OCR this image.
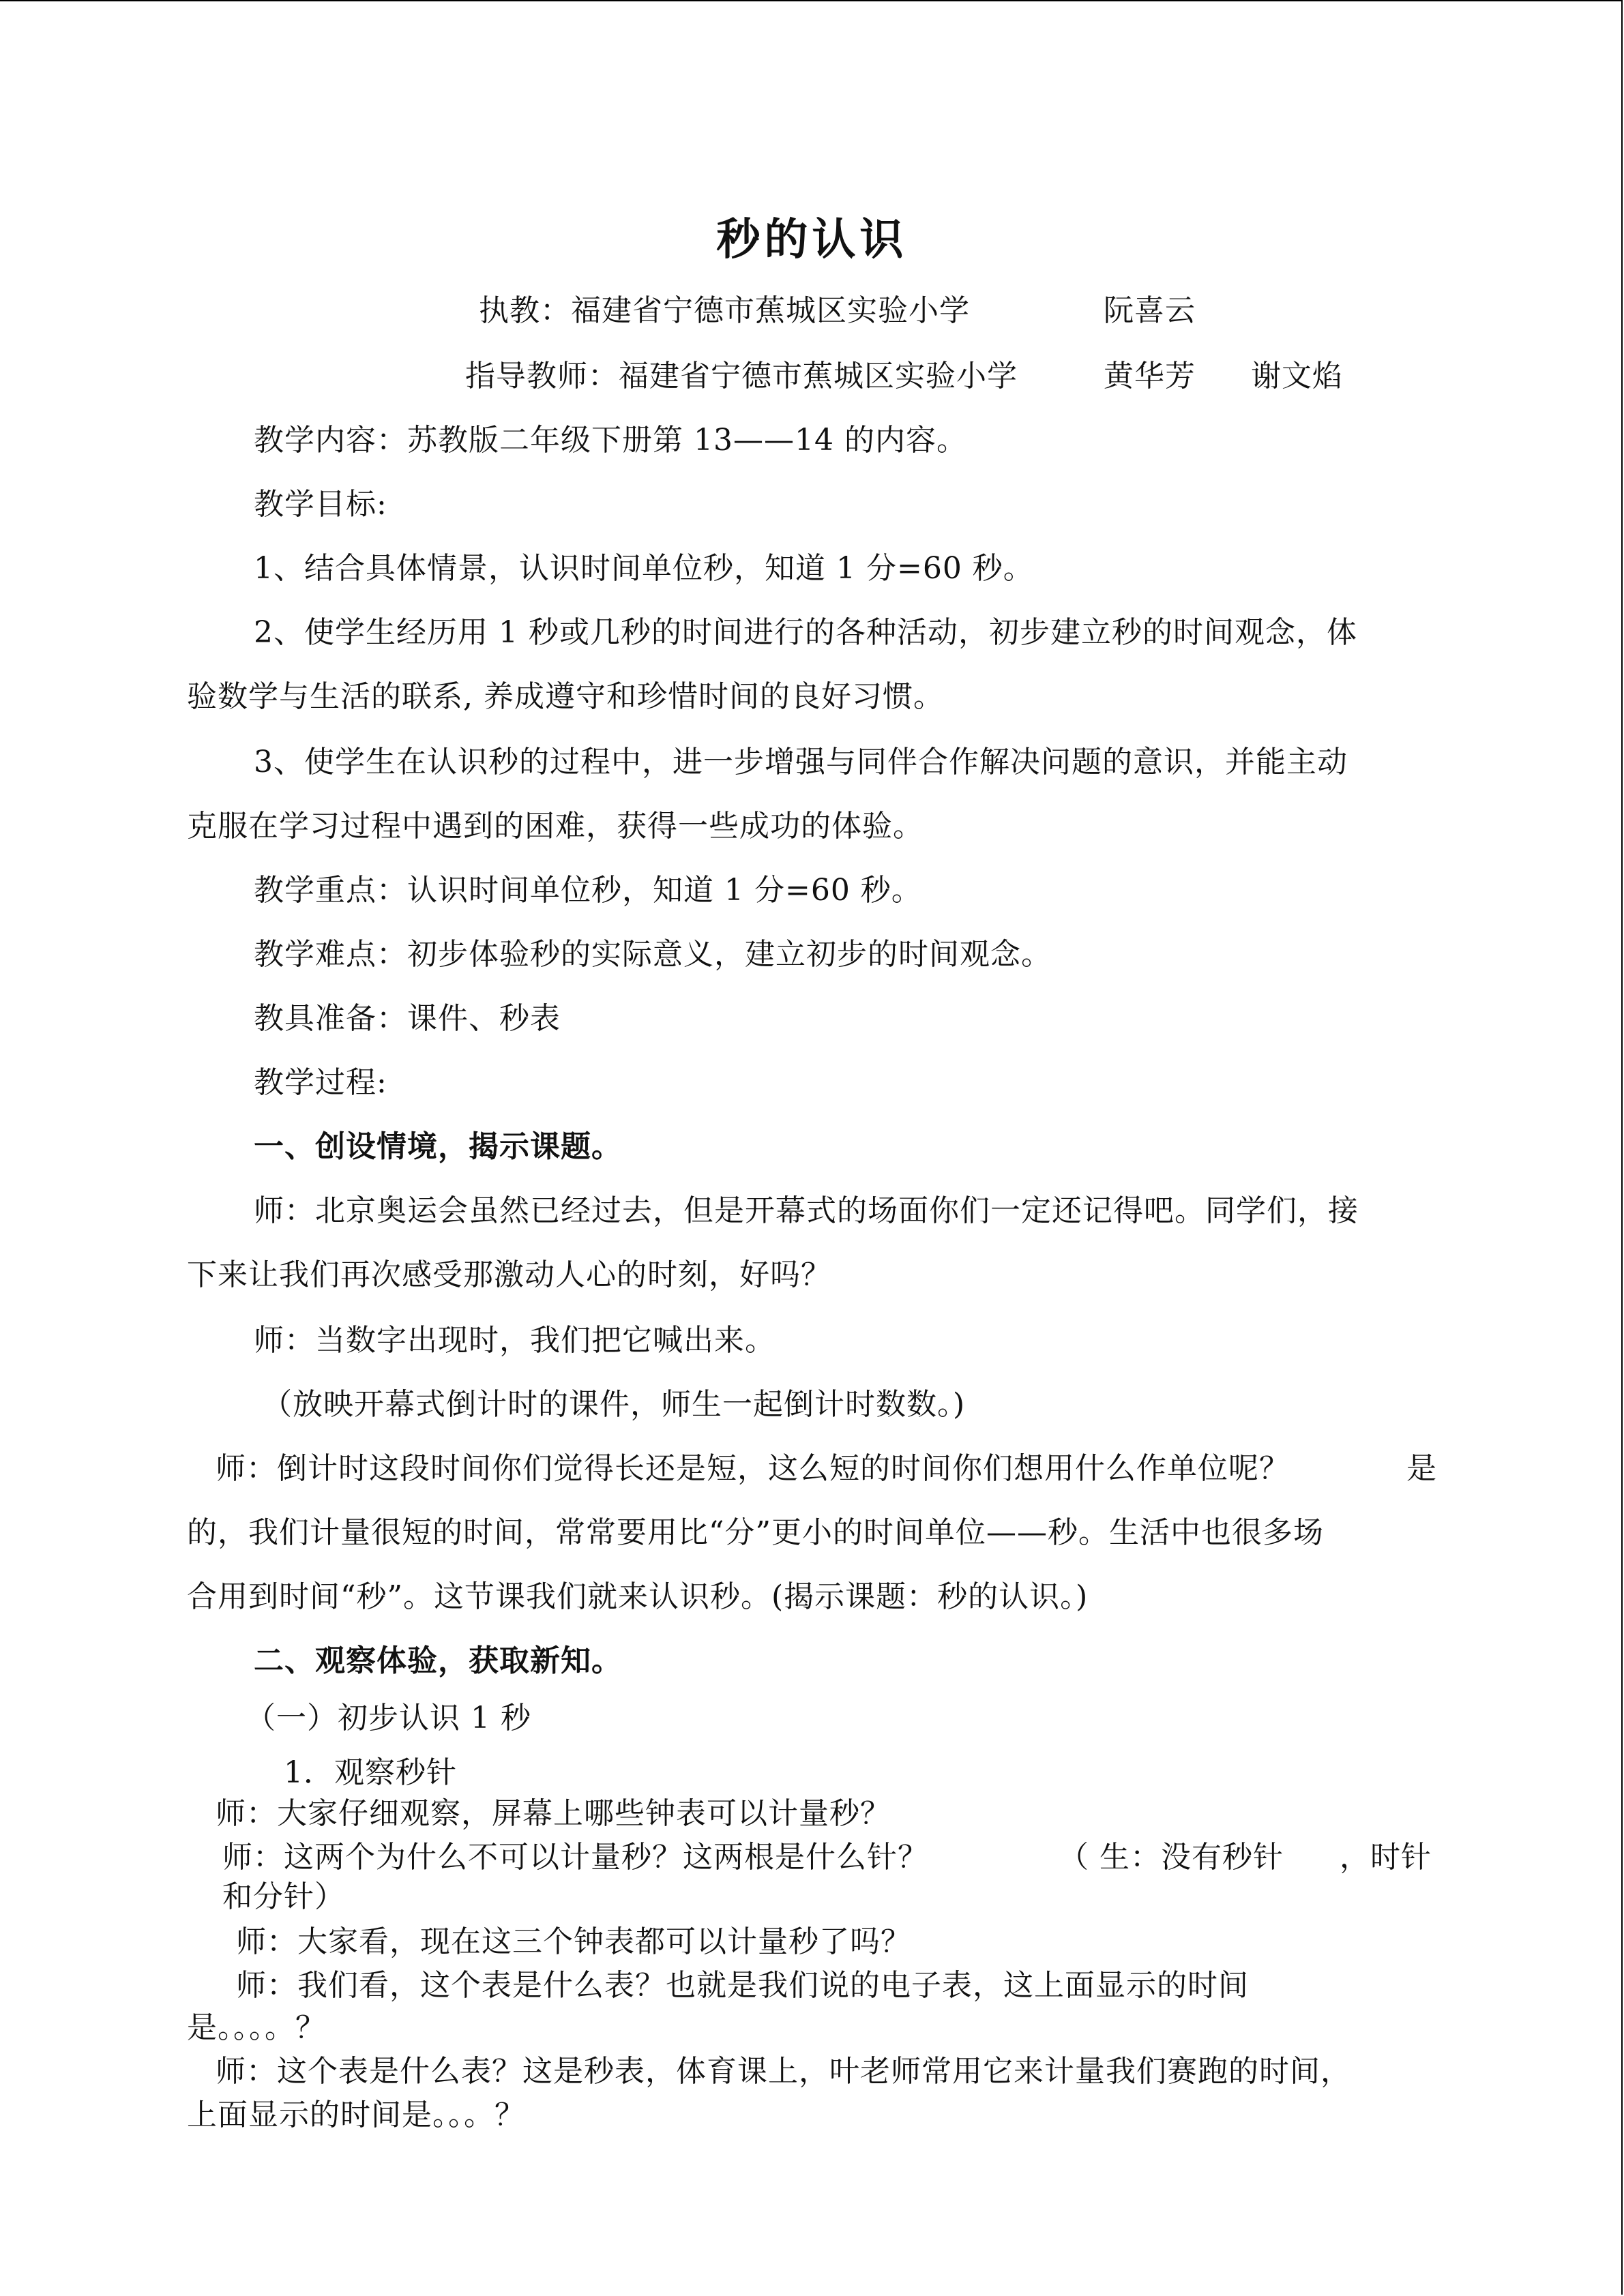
秒的认识
执教：福建省宁德市蕉城区实验小学	阮喜云
指导教师：福建省宁德市蕉城区实验小学	黄华芳 谢文焰
教学内容：苏教版二年级下册第 13——14 的内容。
教学目标:
1、结合具体情景，认识时间单位秒，知道 1 分=60 秒。
2、使学生经历用 1 秒或几秒的时间进行的各种活动，初步建立秒的时间观念，体
验数学与生活的联系, 养成遵守和珍惜时间的良好习惯。
3、使学生在认识秒的过程中，进一步增强与同伴合作解决问题的意识，并能主动
克服在学习过程中遇到的困难，获得一些成功的体验。
教学重点：认识时间单位秒，知道 1 分=60 秒。
教学难点：初步体验秒的实际意义，建立初步的时间观念。
教具准备：课件、秒表
教学过程:
一、创设情境，揭示课题。
师：北京奥运会虽然已经过去，但是开幕式的场面你们一定还记得吧。同学们，接
下来让我们再次感受那激动人心的时刻，好吗？
师：当数字出现时，我们把它喊出来。
（放映开幕式倒计时的课件，师生一起倒计时数数。)
师：倒计时这段时间你们觉得长还是短，这么短的时间你们想用什么作单位呢？	是
的，我们计量很短的时间，常常要用比“分”更小的时间单位——秒。生活中也很多场
合用到时间“秒”。这节课我们就来认识秒。(揭示课题：秒的认识。)
二、观察体验，获取新知。
（一）初步认识 1 秒
1．观察秒针
师：大家仔细观察，屏幕上哪些钟表可以计量秒？
师：这两个为什么不可以计量秒？这两根是什么针？	（ 生：没有秒针 ，时针
和分针）
师：大家看，现在这三个钟表都可以计量秒了吗？
师：我们看，这个表是什么表？也就是我们说的电子表，这上面显示的时间
是。。。。？
师：这个表是什么表？这是秒表，体育课上，叶老师常用它来计量我们赛跑的时间，
上面显示的时间是。。。？
